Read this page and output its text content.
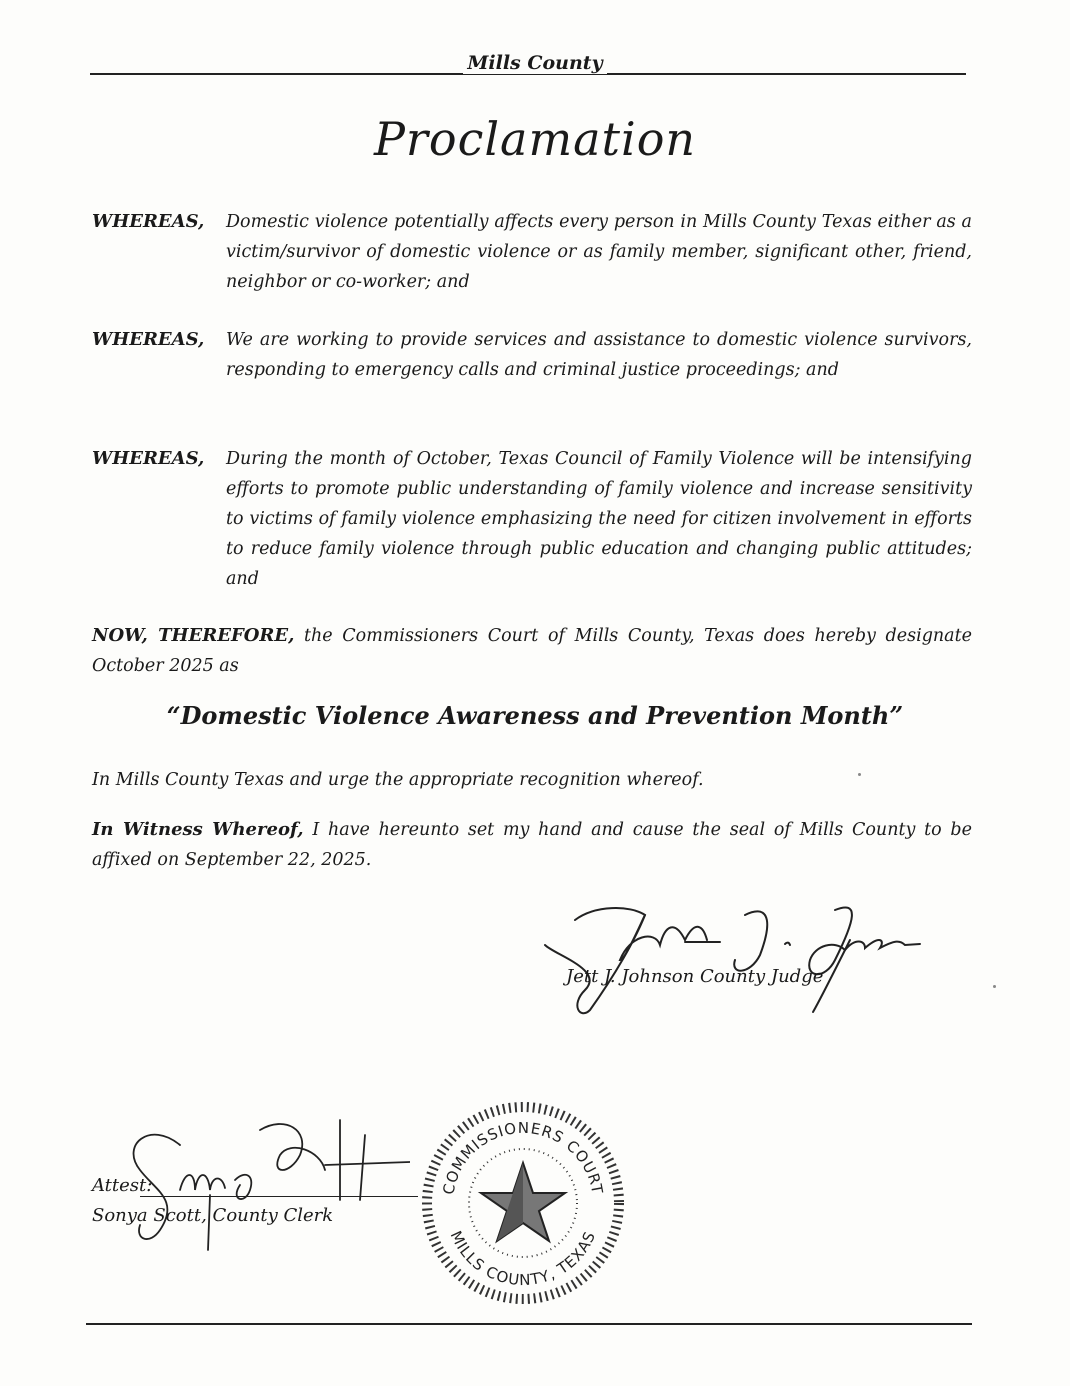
Mills County
Proclamation
WHEREAS,	Domestic violence potentially affects every person in Mills County Texas either as a victim/survivor of domestic violence or as family member, significant other, friend, neighbor or co-worker; and
WHEREAS,	We are working to provide services and assistance to domestic violence survivors, responding to emergency calls and criminal justice proceedings; and
WHEREAS,	During the month of October, Texas Council of Family Violence will be intensifying efforts to promote public understanding of family violence and increase sensitivity to victims of family violence emphasizing the need for citizen involvement in efforts to reduce family violence through public education and changing public attitudes; and
NOW, THEREFORE, the Commissioners Court of Mills County, Texas does hereby designate October 2025 as
“Domestic Violence Awareness and Prevention Month”
In Mills County Texas and urge the appropriate recognition whereof.
In Witness Whereof, I have hereunto set my hand and cause the seal of Mills County to be affixed on September 22, 2025.
Jett J. Johnson County Judge
Attest:
Sonya Scott, County Clerk
COMMISSIONERS COURT
MILLS COUNTY, TEXAS
